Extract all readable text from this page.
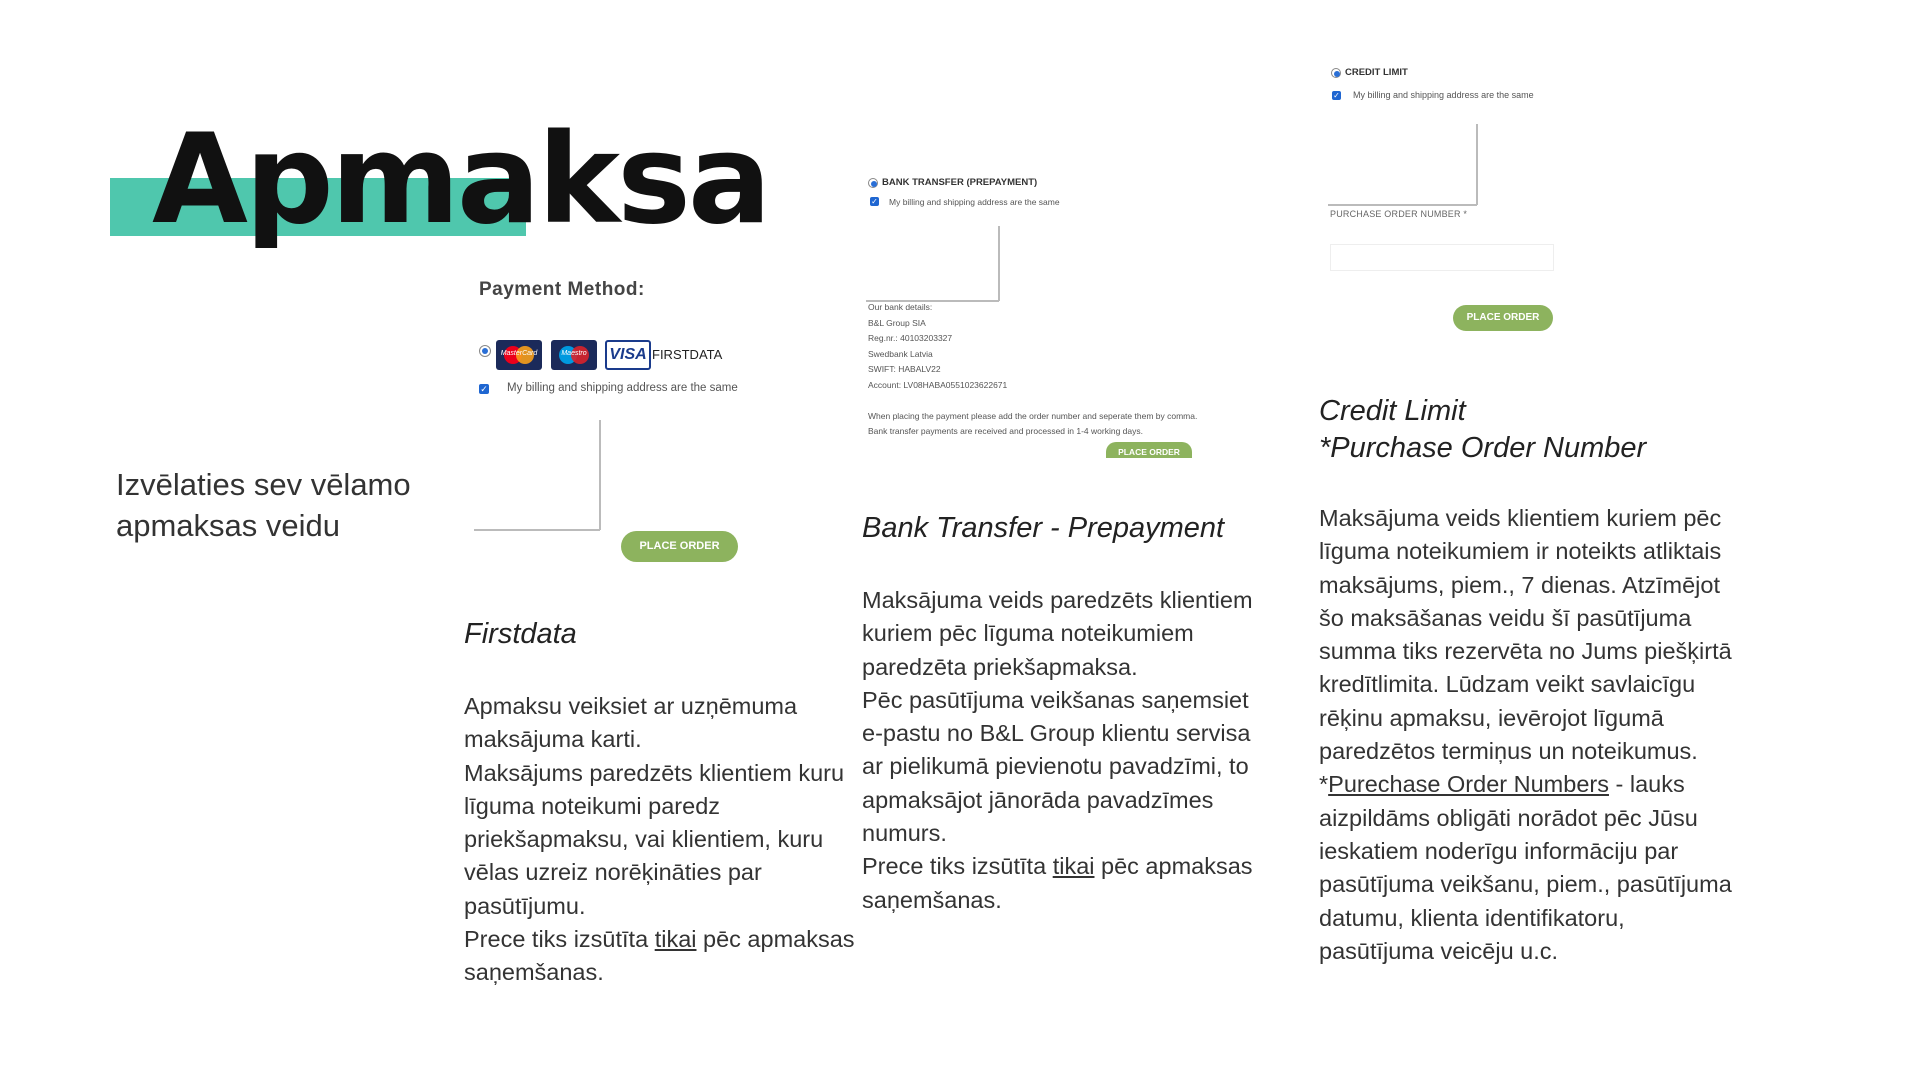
Apmaksa
Izvēlaties sev vēlamo apmaksas veidu
Payment Method:
MasterCard	Maestro	VISA FIRSTDATA
✓ My billing and shipping address are the same
PLACE ORDER
BANK TRANSFER (PREPAYMENT)
✓ My billing and shipping address are the same
Our bank details:
B&L Group SIA
Reg.nr.: 40103203327
Swedbank Latvia
SWIFT: HABALV22
Account: LV08HABA0551023622671
When placing the payment please add the order number and seperate them by comma.
Bank transfer payments are received and processed in 1-4 working days.
PLACE ORDER
CREDIT LIMIT
✓ My billing and shipping address are the same
PURCHASE ORDER NUMBER *
PLACE ORDER
Firstdata

Apmaksu veiksiet ar uzņēmuma maksājuma karti.

Maksājums paredzēts klientiem kuru līguma noteikumi paredz priekšapmaksu, vai klientiem, kuru vēlas uzreiz norēķināties par pasūtījumu.

Prece tiks izsūtīta tikai pēc apmaksas saņemšanas.

Bank Transfer - Prepayment

Maksājuma veids paredzēts klientiem kuriem pēc līguma noteikumiem paredzēta priekšapmaksa.

Pēc pasūtījuma veikšanas saņemsiet e-pastu no B&L Group klientu servisa ar pielikumā pievienotu pavadzīmi, to apmaksājot jānorāda pavadzīmes numurs.

Prece tiks izsūtīta tikai pēc apmaksas saņemšanas.

Credit Limit
*Purchase Order Number

Maksājuma veids klientiem kuriem pēc līguma noteikumiem ir noteikts atliktais maksājums, piem., 7 dienas. Atzīmējot šo maksāšanas veidu šī pasūtījuma summa tiks rezervēta no Jums piešķirtā kredītlimita. Lūdzam veikt savlaicīgu rēķinu apmaksu, ievērojot līgumā paredzētos termiņus un noteikumus.

*Purechase Order Numbers - lauks aizpildāms obligāti norādot pēc Jūsu ieskatiem noderīgu informāciju par pasūtījuma veikšanu, piem., pasūtījuma datumu, klienta identifikatoru, pasūtījuma veicēju u.c.
